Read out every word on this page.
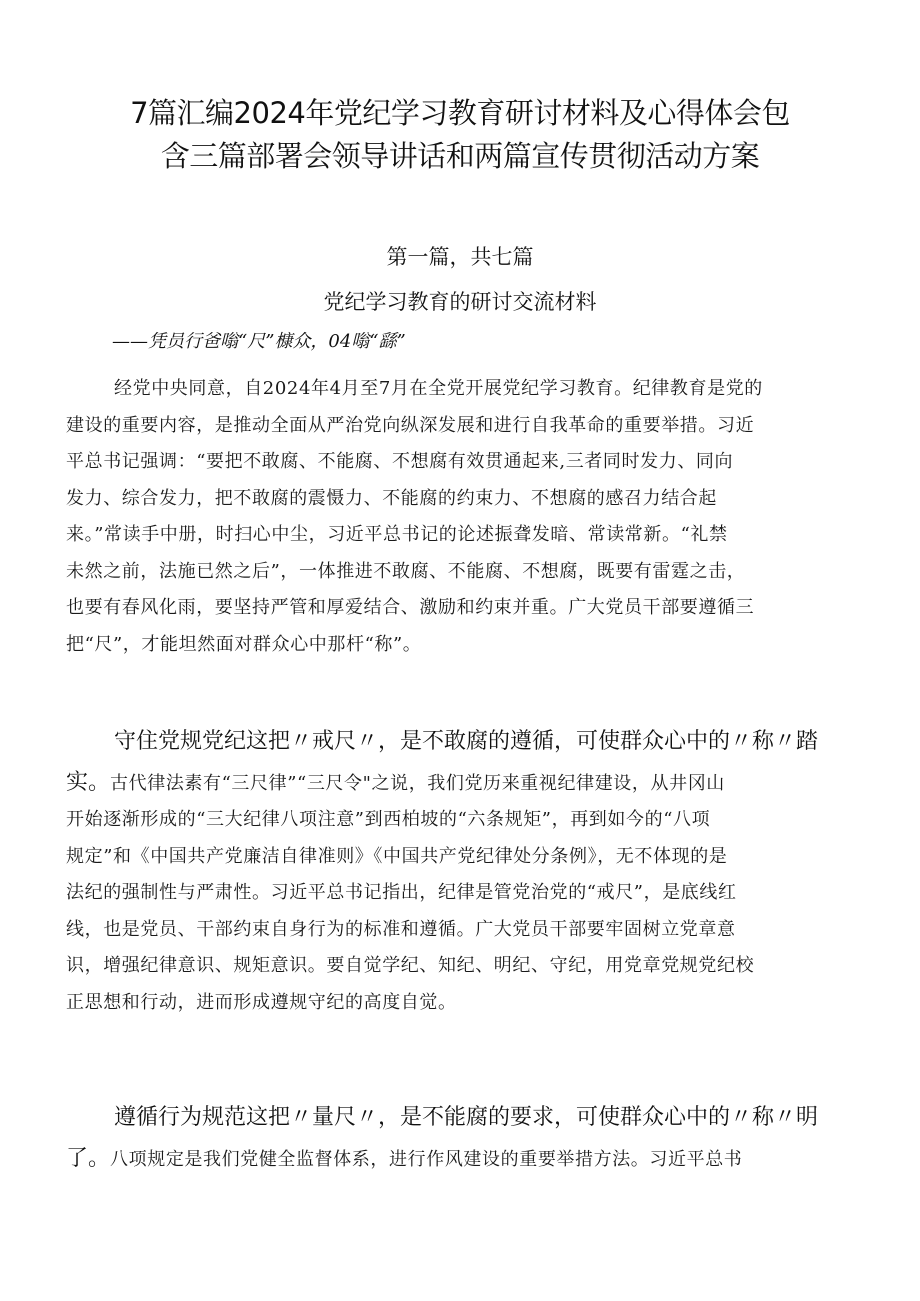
7篇汇编2024年党纪学习教育研讨材料及心得体会包
含三篇部署会领导讲话和两篇宣传贯彻活动方案
第一篇，共七篇
党纪学习教育的研讨交流材料
——凭员行爸嗡“尺”槺众，04嗡“繇”
经党中央同意，自2024年4月至7月在全党开展党纪学习教育。纪律教育是党的
建设的重要内容，是推动全面从严治党向纵深发展和进行自我革命的重要举措。习近
平总书记强调：“要把不敢腐、不能腐、不想腐有效贯通起来,三者同时发力、同向
发力、综合发力，把不敢腐的震慑力、不能腐的约束力、不想腐的感召力结合起
来。”常读手中册，时扫心中尘，习近平总书记的论述振聋发暗、常读常新。“礼禁
未然之前，法施已然之后”，一体推进不敢腐、不能腐、不想腐，既要有雷霆之击，
也要有春风化雨，要坚持严管和厚爱结合、激励和约束并重。广大党员干部要遵循三
把“尺”，才能坦然面对群众心中那杆“称”。
守住党规党纪这把〃戒尺〃，是不敢腐的遵循，可使群众心中的〃称〃踏
实。古代律法素有“三尺律”“三尺令"之说，我们党历来重视纪律建设，从井冈山
开始逐渐形成的“三大纪律八项注意”到西柏坡的“六条规矩”，再到如今的“八项
规定”和《中国共产党廉洁自律准则》《中国共产党纪律处分条例》，无不体现的是
法纪的强制性与严肃性。习近平总书记指出，纪律是管党治党的“戒尺”，是底线红
线，也是党员、干部约束自身行为的标准和遵循。广大党员干部要牢固树立党章意
识，增强纪律意识、规矩意识。要自觉学纪、知纪、明纪、守纪，用党章党规党纪校
正思想和行动，进而形成遵规守纪的高度自觉。
遵循行为规范这把〃量尺〃，是不能腐的要求，可使群众心中的〃称〃明
了。八项规定是我们党健全监督体系，进行作风建设的重要举措方法。习近平总书
